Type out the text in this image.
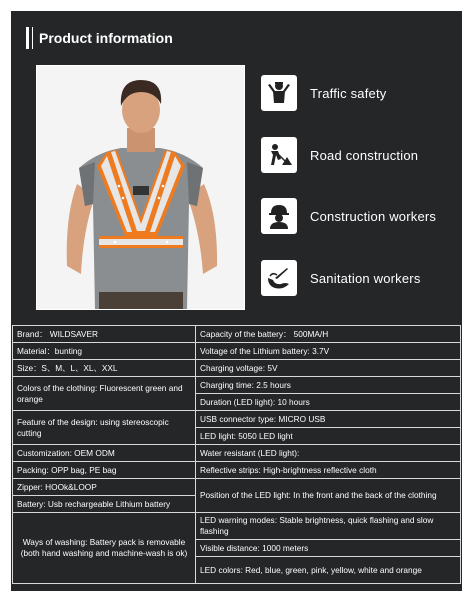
Product information
Traffic safety
Road construction
Construction workers
Sanitation workers
Brand： WILDSAVER	Capacity of the battery： 500MA/H
Material：bunting	Voltage of the Lithium battery: 3.7V
Size：S、M、L、XL、XXL	Charging voltage: 5V
Colors of the clothing: Fluorescent green and orange	Charging time: 2.5 hours
	Duration (LED light): 10 hours
Feature of the design: using stereoscopic cutting	USB connector type: MICRO USB
	LED light: 5050 LED light
Customization: OEM ODM	Water resistant (LED light):
Packing: OPP bag, PE bag	Reflective strips: High-brightness reflective cloth
Zipper: HOOk&LOOP	Position of the LED light: In the front and the back of the clothing
Battery: Usb rechargeable Lithium battery	
Ways of washing: Battery pack is removable (both hand washing and machine-wash is ok)	LED warning modes: Stable brightness, quick flashing and slow flashing
	Visible distance: 1000 meters
	LED colors: Red, blue, green, pink, yellow, white and orange
